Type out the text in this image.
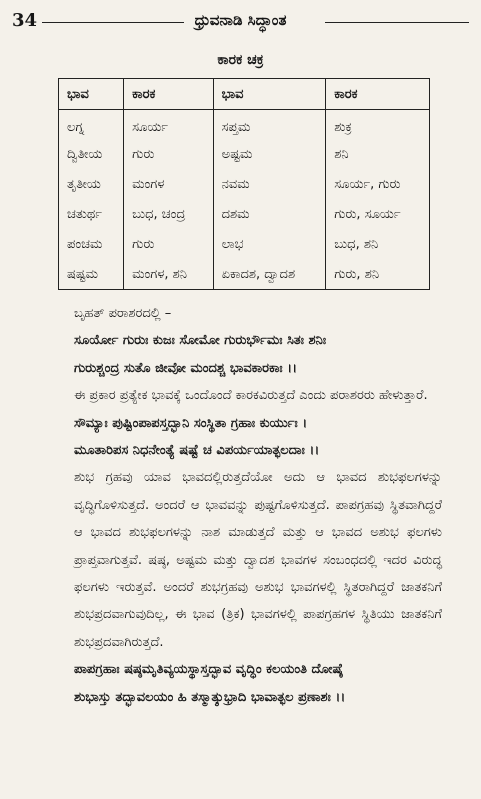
34	ಧ್ರುವನಾಡಿ ಸಿದ್ಧಾಂತ
ಕಾರಕ ಚಕ್ರ
ಭಾವ	ಕಾರಕ	ಭಾವ	ಕಾರಕ
ಲಗ್ನ	ಸೂರ್ಯ	ಸಪ್ತಮ	ಶುಕ್ರ
ದ್ವಿತೀಯ	ಗುರು	ಅಷ್ಟಮ	ಶನಿ
ತೃತೀಯ	ಮಂಗಳ	ನವಮ	ಸೂರ್ಯ, ಗುರು
ಚತುರ್ಥ	ಬುಧ, ಚಂದ್ರ	ದಶಮ	ಗುರು, ಸೂರ್ಯ
ಪಂಚಮ	ಗುರು	ಲಾಭ	ಬುಧ, ಶನಿ
ಷಷ್ಟಮ	ಮಂಗಳ, ಶನಿ	ಏಕಾದಶ, ದ್ವಾದಶ	ಗುರು, ಶನಿ

ಬೃಹತ್ ಪರಾಶರದಲ್ಲಿ –

ಸೂರ್ಯೋ ಗುರುಃ ಕುಜಃ ಸೋಮೋ ಗುರುರ್ಭೌಮಃ ಸಿತಃ ಶನಿಃ

ಗುರುಶ್ಚಂದ್ರ ಸುತೊ ಜೀವೋ ಮಂದಶ್ಚ ಭಾವಕಾರಕಾಃ ।।

ಈ ಪ್ರಕಾರ ಪ್ರತ್ಯೇಕ ಭಾವಕ್ಕೆ ಒಂದೊಂದೆ ಕಾರಕವಿರುತ್ತದೆ ಎಂದು ಪರಾಶರರು ಹೇಳುತ್ತಾರೆ.

ಸೌಮ್ಯಾಃ ಪುಷ್ಟಿಂಪಾಪಸ್ತದ್ಭಾನಿ ಸಂಸ್ಥಿತಾ ಗ್ರಹಾಃ ಕುರ್ಯುಃ ।

ಮೂತಾರಿಪಸ ನಿಧನೇಂತ್ಯೆ ಷಷ್ಟೆ ಚ ವಿಪರ್ಯಯಾತ್ಫಲದಾಃ ।।

ಶುಭ ಗ್ರಹವು ಯಾವ ಭಾವದಲ್ಲಿರುತ್ತದೆಯೋ ಅದು ಆ ಭಾವದ ಶುಭಫಲಗಳನ್ನು ವೃದ್ಧಿಗೊಳಿಸುತ್ತದೆ. ಅಂದರೆ ಆ ಭಾವವನ್ನು ಪುಷ್ಟಗೊಳಿಸುತ್ತದೆ. ಪಾಪಗ್ರಹವು ಸ್ಥಿತವಾಗಿದ್ದರೆ ಆ ಭಾವದ ಶುಭಫಲಗಳನ್ನು ನಾಶ ಮಾಡುತ್ತದೆ ಮತ್ತು ಆ ಭಾವದ ಅಶುಭ ಫಲಗಳು ಪ್ರಾಪ್ತವಾಗುತ್ತವೆ. ಷಷ್ಠ, ಅಷ್ಟಮ ಮತ್ತು ದ್ವಾದಶ ಭಾವಗಳ ಸಂಬಂಧದಲ್ಲಿ ಇದರ ವಿರುದ್ಧ ಫಲಗಳು ಇರುತ್ತವೆ. ಅಂದರೆ ಶುಭಗ್ರಹವು ಅಶುಭ ಭಾವಗಳಲ್ಲಿ ಸ್ಥಿತರಾಗಿದ್ದರೆ ಜಾತಕನಿಗೆ ಶುಭಪ್ರದವಾಗುವುದಿಲ್ಲ, ಈ ಭಾವ (ತ್ರಿಕ) ಭಾವಗಳಲ್ಲಿ ಪಾಪಗ್ರಹಗಳ ಸ್ಥಿತಿಯು ಜಾತಕನಿಗೆ ಶುಭಪ್ರದವಾಗಿರುತ್ತದೆ.

ಪಾಪಗ್ರಹಾಃ ಷಷ್ಠಮೃತಿವ್ಯಯಸ್ಥಾಸ್ತದ್ಭಾವ ವೃದ್ಧಿಂ ಕಲಯಂತಿ ದೋಷೈ

ಶುಭಾಸ್ತು ತದ್ಭಾವಲಯಂ ಹಿ ತಸ್ಮಾತ್ಶುಭ್ರಾದಿ ಭಾವಾತ್ಫಲ ಪ್ರಣಾಶಃ ।।
